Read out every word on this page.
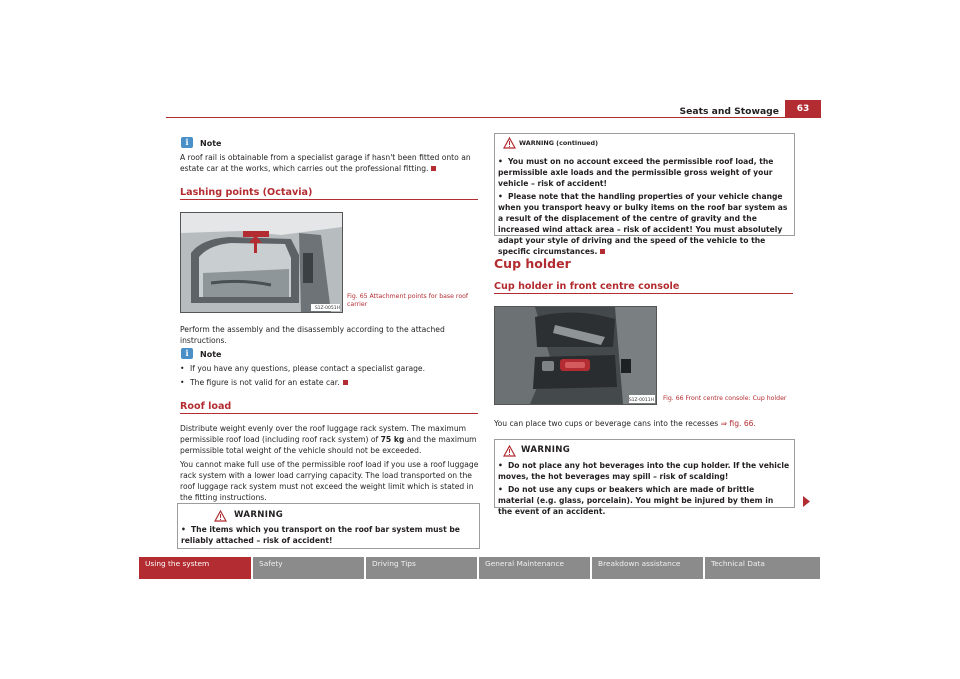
Seats and Stowage	63
i	Note
A roof rail is obtainable from a specialist garage if hasn't been fitted onto an estate car at the works, which carries out the professional fitting.
Lashing points (Octavia)
S1Z-0051H
Fig. 65 Attachment points for base roof carrier
Perform the assembly and the disassembly according to the attached instructions.
i	Note
• If you have any questions, please contact a specialist garage.
• The figure is not valid for an estate car.
Roof load

Distribute weight evenly over the roof luggage rack system. The maximum permissible roof load (including roof rack system) of 75 kg and the maximum permissible total weight of the vehicle should not be exceeded.

You cannot make full use of the permissible roof load if you use a roof luggage rack system with a lower load carrying capacity. The load transported on the roof luggage rack system must not exceed the weight limit which is stated in the fitting instructions.

WARNING
• The items which you transport on the roof bar system must be reliably attached – risk of accident!
WARNING (continued)
• You must on no account exceed the permissible roof load, the permissible axle loads and the permissible gross weight of your vehicle – risk of accident!
• Please note that the handling properties of your vehicle change when you transport heavy or bulky items on the roof bar system as a result of the displacement of the centre of gravity and the increased wind attack area – risk of accident! You must absolutely adapt your style of driving and the speed of the vehicle to the specific circumstances.
Cup holder
Cup holder in front centre console
S1Z-0011H Fig. 66 Front centre console: Cup holder
You can place two cups or beverage cans into the recesses ⇒ fig. 66.
WARNING
• Do not place any hot beverages into the cup holder. If the vehicle moves, the hot beverages may spill – risk of scalding!
• Do not use any cups or beakers which are made of brittle material (e.g. glass, porcelain). You might be injured by them in the event of an accident.
Using the system	Safety	Driving Tips	General Maintenance	Breakdown assistance	Technical Data
